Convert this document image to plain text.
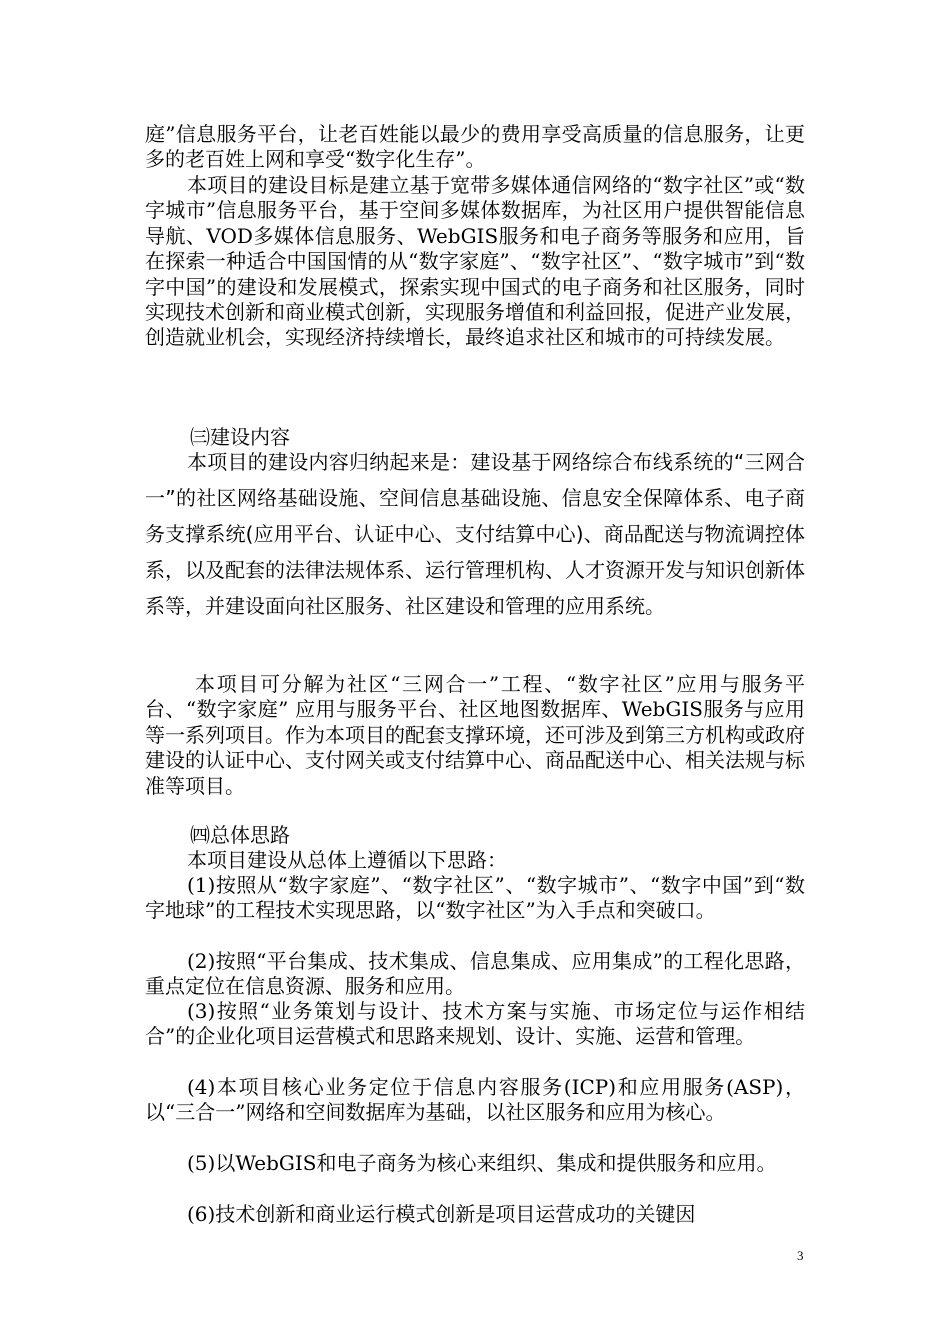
庭”信息服务平台，让老百姓能以最少的费用享受高质量的信息服务，让更多的老百姓上网和享受“数字化生存”。

本项目的建设目标是建立基于宽带多媒体通信网络的“数字社区”或“数字城市”信息服务平台，基于空间多媒体数据库，为社区用户提供智能信息导航、VOD多媒体信息服务、WebGIS服务和电子商务等服务和应用，旨在探索一种适合中国国情的从“数字家庭”、“数字社区”、“数字城市”到“数字中国”的建设和发展模式，探索实现中国式的电子商务和社区服务，同时实现技术创新和商业模式创新，实现服务增值和利益回报，促进产业发展，创造就业机会，实现经济持续增长，最终追求社区和城市的可持续发展。

㈢建设内容

本项目的建设内容归纳起来是：建设基于网络综合布线系统的“三网合一”的社区网络基础设施、空间信息基础设施、信息安全保障体系、电子商务支撑系统(应用平台、认证中心、支付结算中心)、商品配送与物流调控体系，以及配套的法律法规体系、运行管理机构、人才资源开发与知识创新体系等，并建设面向社区服务、社区建设和管理的应用系统。

本项目可分解为社区“三网合一”工程、“数字社区”应用与服务平台、“数字家庭” 应用与服务平台、社区地图数据库、WebGIS服务与应用等一系列项目。作为本项目的配套支撑环境，还可涉及到第三方机构或政府建设的认证中心、支付网关或支付结算中心、商品配送中心、相关法规与标准等项目。

㈣总体思路

本项目建设从总体上遵循以下思路：

(1)按照从“数字家庭”、“数字社区”、“数字城市”、“数字中国”到“数字地球”的工程技术实现思路，以“数字社区”为入手点和突破口。

(2)按照“平台集成、技术集成、信息集成、应用集成”的工程化思路，重点定位在信息资源、服务和应用。

(3)按照“业务策划与设计、技术方案与实施、市场定位与运作相结合”的企业化项目运营模式和思路来规划、设计、实施、运营和管理。

(4)本项目核心业务定位于信息内容服务(ICP)和应用服务(ASP)，以“三合一”网络和空间数据库为基础，以社区服务和应用为核心。

(5)以WebGIS和电子商务为核心来组织、集成和提供服务和应用。

(6)技术创新和商业运行模式创新是项目运营成功的关键因

3
